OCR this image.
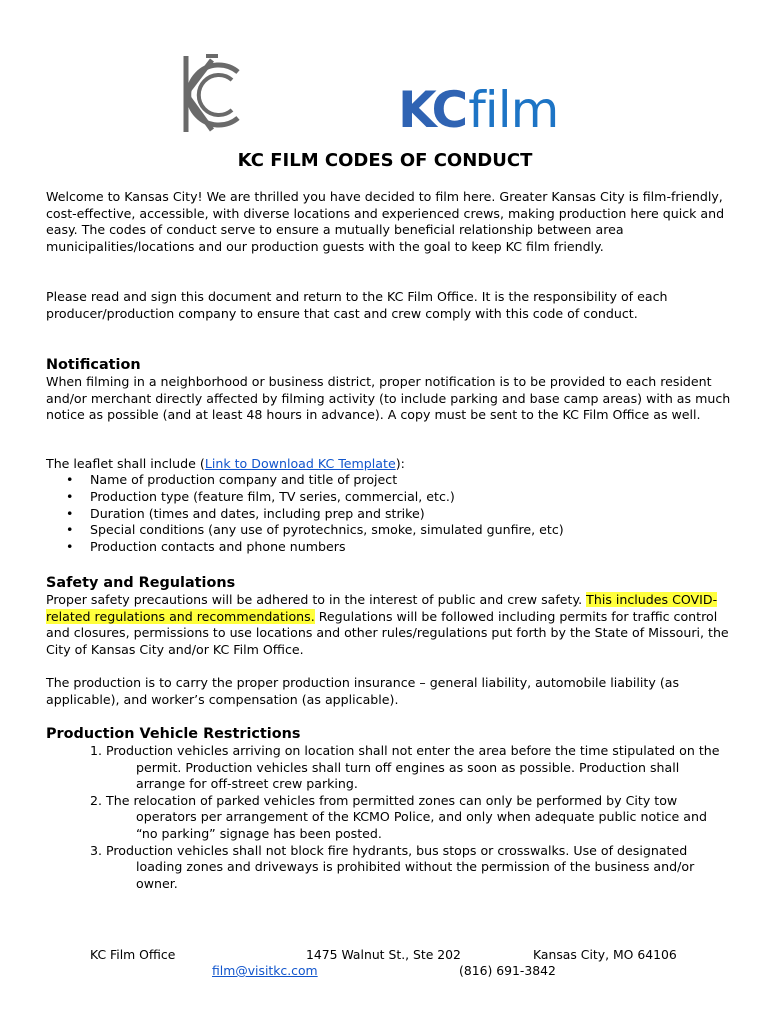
KC film
KC FILM CODES OF CONDUCT

Welcome to Kansas City! We are thrilled you have decided to film here. Greater Kansas City is film-friendly, cost-effective, accessible, with diverse locations and experienced crews, making production here quick and easy. The codes of conduct serve to ensure a mutually beneficial relationship between area municipalities/locations and our production guests with the goal to keep KC film friendly.

Please read and sign this document and return to the KC Film Office. It is the responsibility of each producer/production company to ensure that cast and crew comply with this code of conduct.

Notification

When filming in a neighborhood or business district, proper notification is to be provided to each resident and/or merchant directly affected by filming activity (to include parking and base camp areas) with as much notice as possible (and at least 48 hours in advance). A copy must be sent to the KC Film Office as well.

The leaflet shall include (Link to Download KC Template):

• Name of production company and title of project
• Production type (feature film, TV series, commercial, etc.)
• Duration (times and dates, including prep and strike)
• Special conditions (any use of pyrotechnics, smoke, simulated gunfire, etc)
• Production contacts and phone numbers
Safety and Regulations

Proper safety precautions will be adhered to in the interest of public and crew safety. This includes COVID-related regulations and recommendations. Regulations will be followed including permits for traffic control and closures, permissions to use locations and other rules/regulations put forth by the State of Missouri, the City of Kansas City and/or KC Film Office.

The production is to carry the proper production insurance – general liability, automobile liability (as applicable), and worker’s compensation (as applicable).

Production Vehicle Restrictions
1. Production vehicles arriving on location shall not enter the area before the time stipulated on the permit. Production vehicles shall turn off engines as soon as possible. Production shall arrange for off-street crew parking.
2. The relocation of parked vehicles from permitted zones can only be performed by City tow operators per arrangement of the KCMO Police, and only when adequate public notice and “no parking” signage has been posted.
3. Production vehicles shall not block fire hydrants, bus stops or crosswalks. Use of designated loading zones and driveways is prohibited without the permission of the business and/or owner.
KC Film Office	1475 Walnut St., Ste 202	Kansas City, MO 64106
film@visitkc.com	(816) 691-3842
